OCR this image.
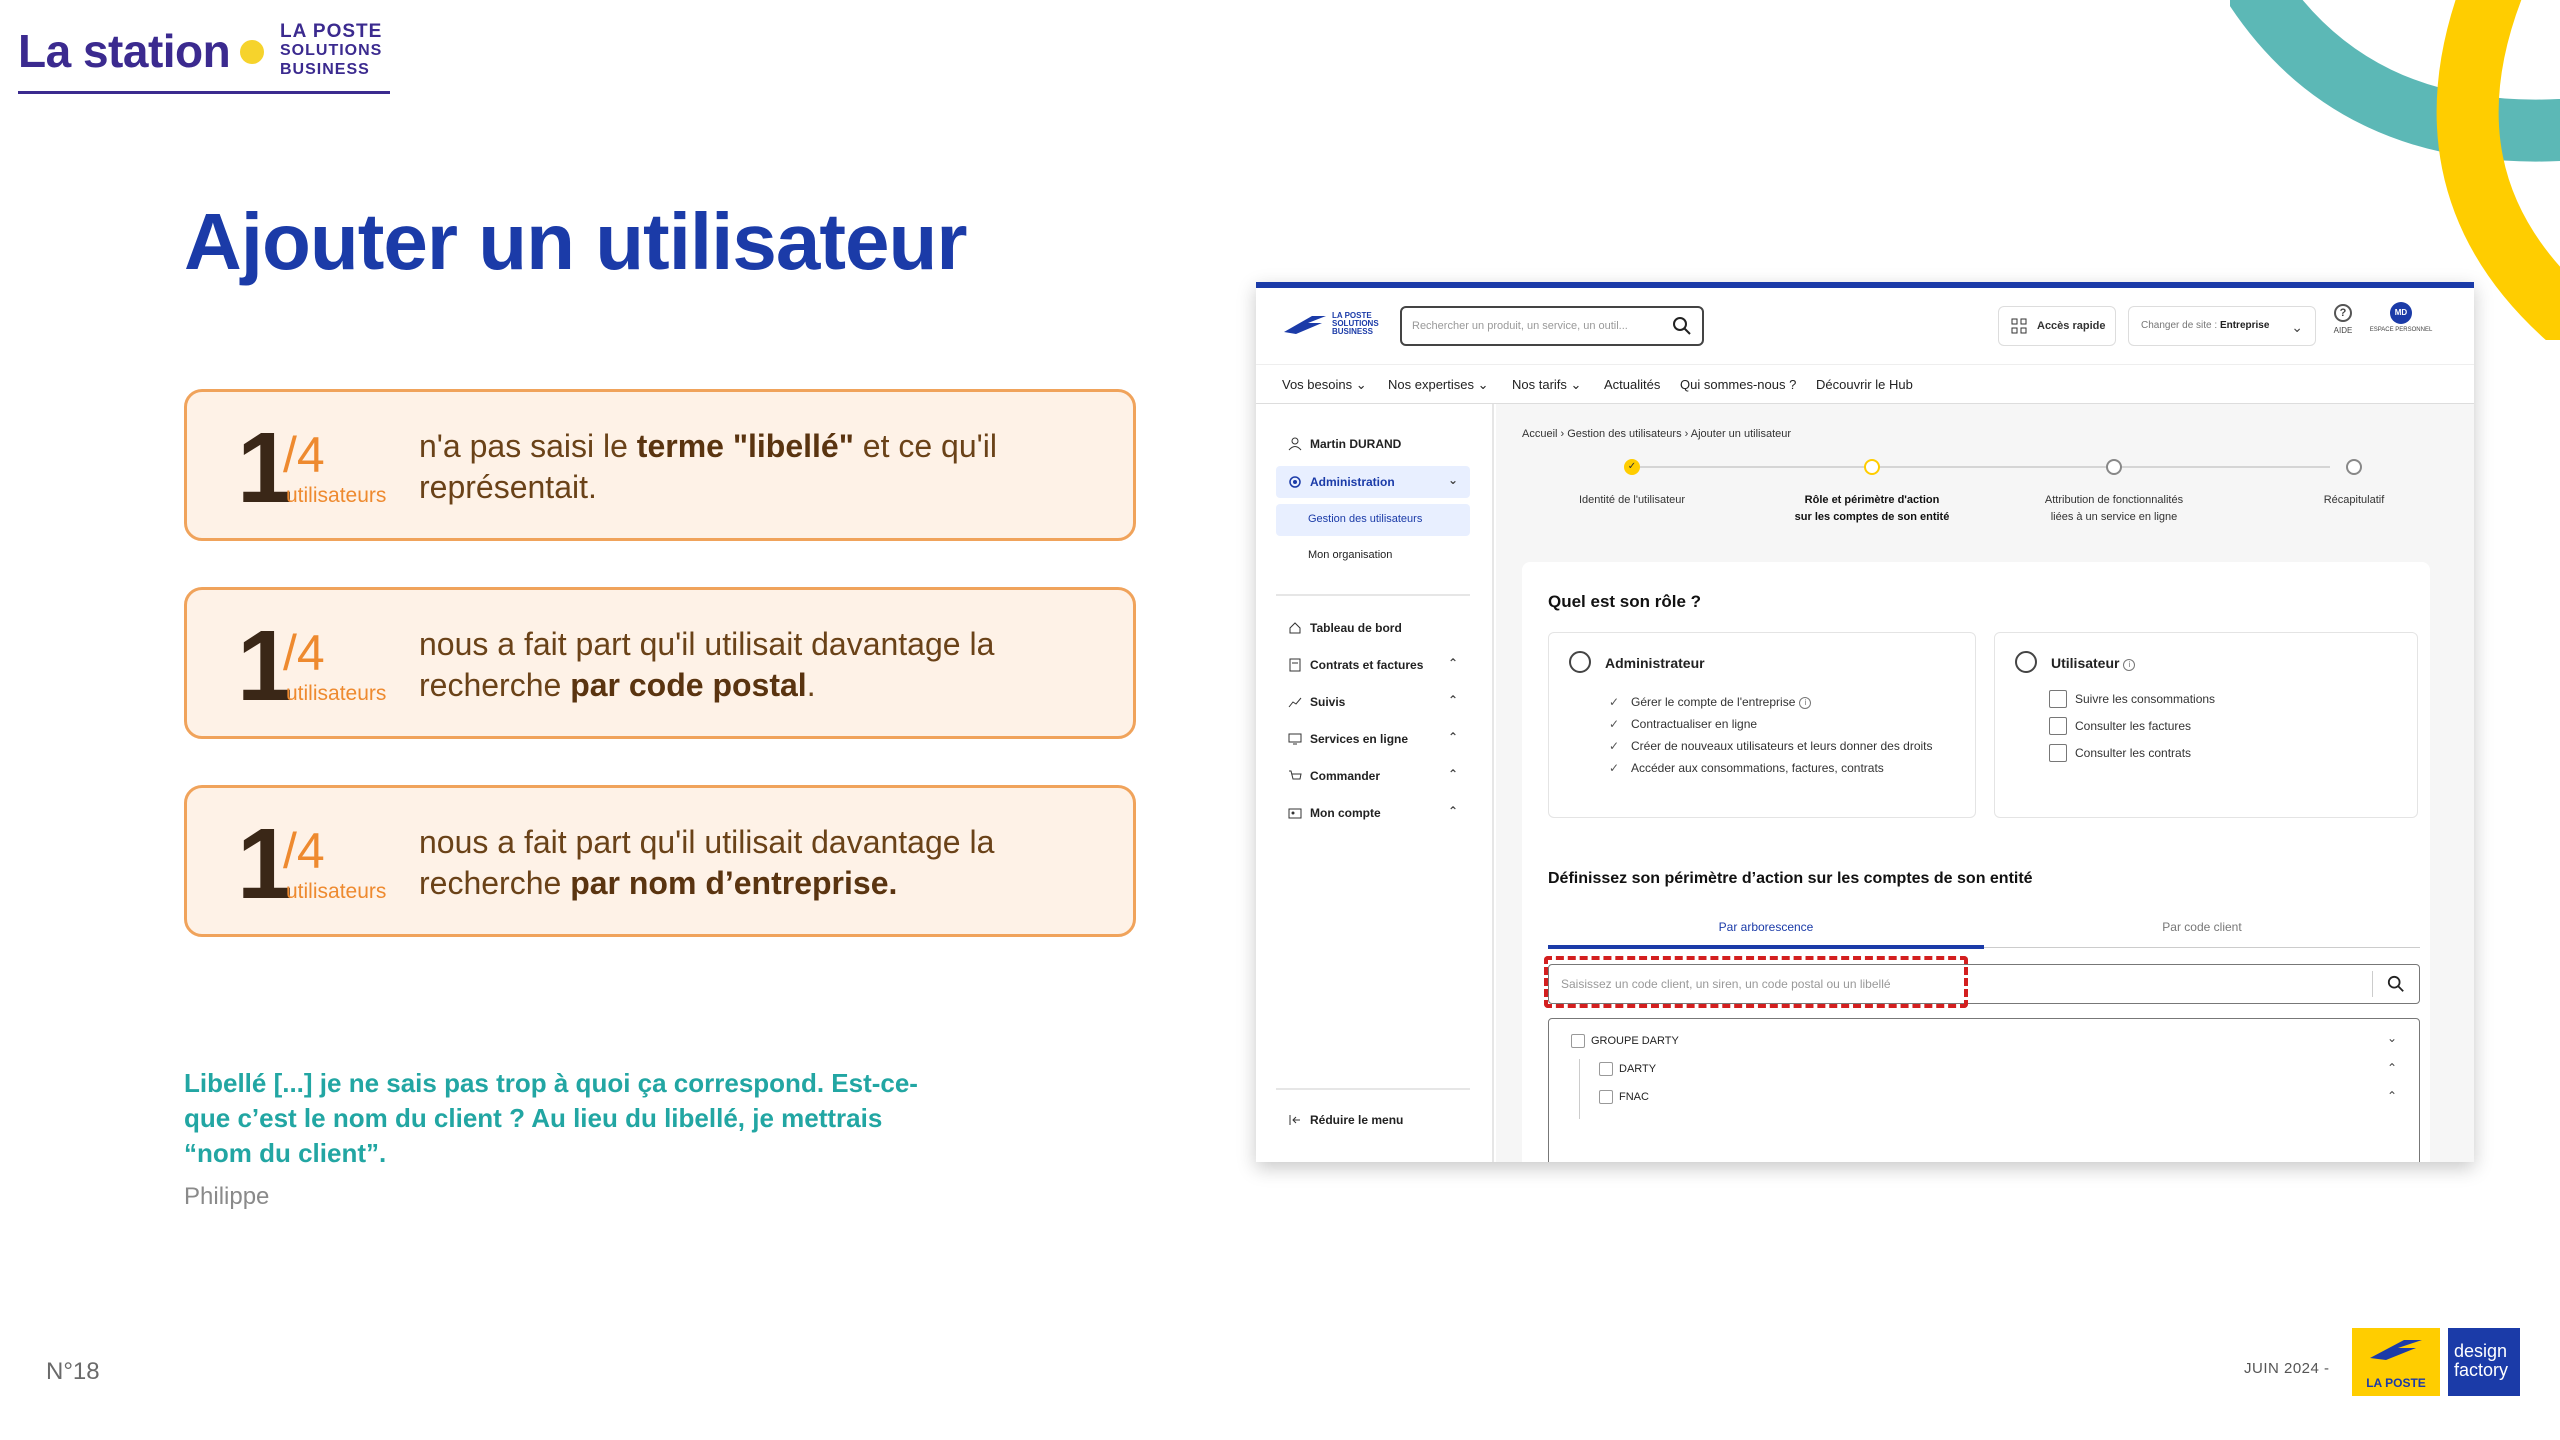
La station	LA POSTE
SOLUTIONS
BUSINESS
Ajouter un utilisateur
1
/4
utilisateurs

n'a pas saisi le terme "libellé" et ce qu'il représentait.

1
/4
utilisateurs

nous a fait part qu'il utilisait davantage la recherche par code postal.

1
/4
utilisateurs

nous a fait part qu'il utilisait davantage la recherche par nom d’entreprise.

Libellé [...] je ne sais pas trop à quoi ça correspond. Est-ce-que c’est le nom du client ? Au lieu du libellé, je mettrais “nom du client”.

Philippe

N°18	JUIN 2024 -
LA POSTE
design
factory
LA POSTE
SOLUTIONS
BUSINESS	Rechercher un produit, un service, un outil...	Accès rapide	Changer de site : Entreprise ⌄
?
AIDE
MD
ESPACE PERSONNEL
Vos besoins ⌄ Nos expertises ⌄ Nos tarifs ⌄ Actualités Qui sommes-nous ? Découvrir le Hub
Martin DURAND
Administration	⌄
Gestion des utilisateurs
Mon organisation
Tableau de bord
Contrats et factures ⌃
Suivis	⌃
Services en ligne	⌃
Commander	⌃
Mon compte	⌃
Réduire le menu
Accueil › Gestion des utilisateurs › Ajouter un utilisateur
✓
Identité de l'utilisateur	Rôle et périmètre d'action
sur les comptes de son entité
Attribution de fonctionnalités
liées à un service en ligne
Récapitulatif
Quel est son rôle ?
Administrateur
✓ Gérer le compte de l'entreprise i
✓ Contractualiser en ligne
✓ Créer de nouveaux utilisateurs et leurs donner des droits
✓ Accéder aux consommations, factures, contrats
Utilisateur i
Suivre les consommations
Consulter les factures
Consulter les contrats
Définissez son périmètre d’action sur les comptes de son entité
Par arborescence	Par code client
Saisissez un code client, un siren, un code postal ou un libellé
GROUPE DARTY	⌄
DARTY	⌃
FNAC	⌃
